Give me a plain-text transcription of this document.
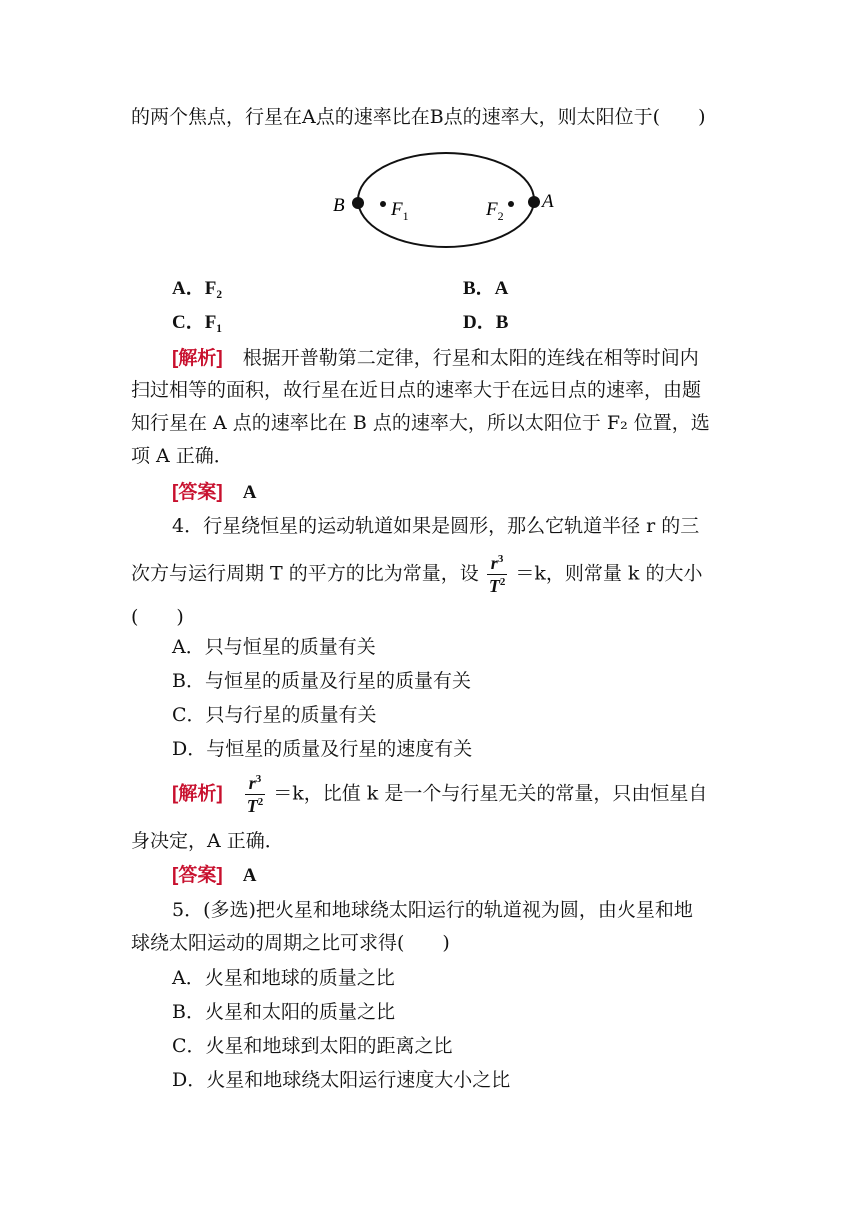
的两个焦点，行星在A点的速率比在B点的速率大，则太阳位于(　　)
B	A
$F_1$	$F_2$
A．F₂	B．A
C．F₁	D．B
[解析] 根据开普勒第二定律，行星和太阳的连线在相等时间内
扫过相等的面积，故行星在近日点的速率大于在远日点的速率，由题
知行星在 A 点的速率比在 B 点的速率大，所以太阳位于 F₂ 位置，选
项 A 正确．
[答案] A
4．行星绕恒星的运动轨道如果是圆形，那么它轨道半径 r 的三
次方与运行周期 T 的平方的比为常量，设 $\frac{r^3}{T^2} =k$，则常量 k 的大小
(　　)
A．只与恒星的质量有关
B．与恒星的质量及行星的质量有关
C．只与行星的质量有关
D．与恒星的质量及行星的速度有关
[解析] $\frac{r^3}{T^2} =k$，比值 k 是一个与行星无关的常量，只由恒星自
身决定，A 正确．
[答案] A
5．(多选)把火星和地球绕太阳运行的轨道视为圆，由火星和地
球绕太阳运动的周期之比可求得(　　)
A．火星和地球的质量之比
B．火星和太阳的质量之比
C．火星和地球到太阳的距离之比
D．火星和地球绕太阳运行速度大小之比
